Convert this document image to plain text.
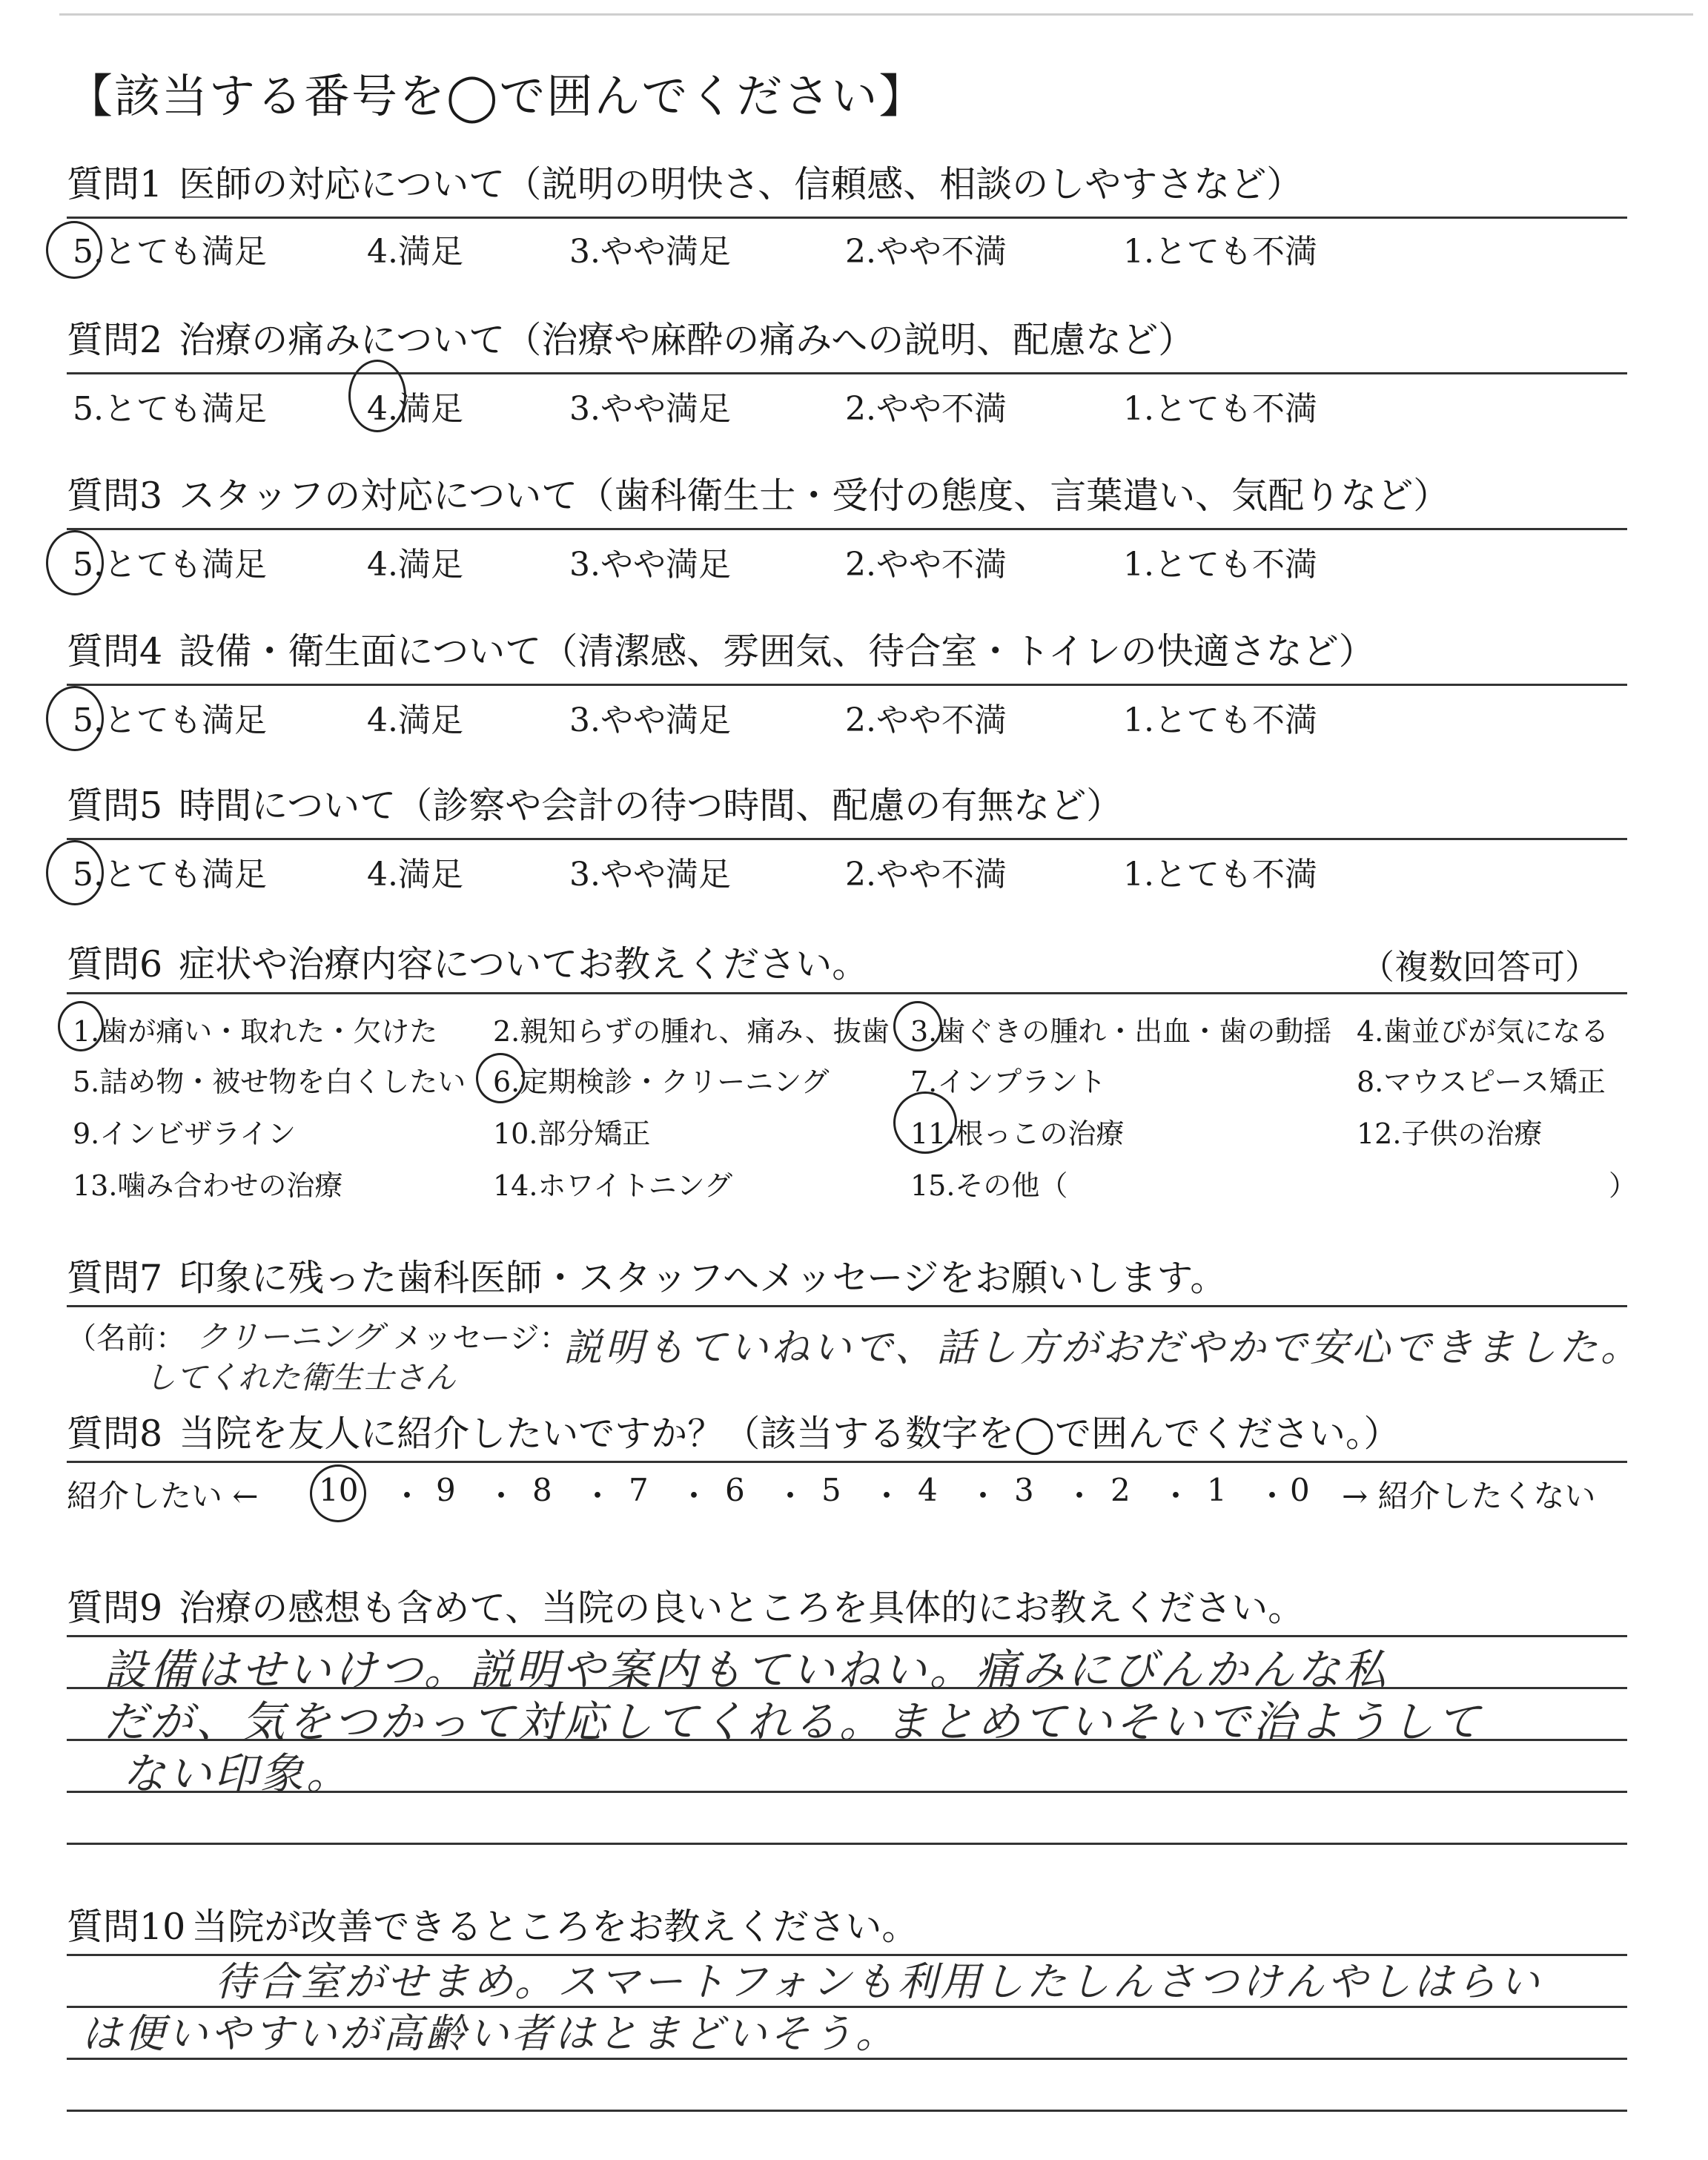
【該当する番号を◯で囲んでください】
質問1 医師の対応について（説明の明快さ、信頼感、相談のしやすさなど）
5.とても満足	4.満足	3.やや満足	2.やや不満	1.とても不満
質問2 治療の痛みについて（治療や麻酔の痛みへの説明、配慮など）
5.とても満足	4.満足	3.やや満足	2.やや不満	1.とても不満
質問3 スタッフの対応について（歯科衛生士・受付の態度、言葉遣い、気配りなど）
5.とても満足	4.満足	3.やや満足	2.やや不満	1.とても不満
質問4 設備・衛生面について（清潔感、雰囲気、待合室・トイレの快適さなど）
5.とても満足	4.満足	3.やや満足	2.やや不満	1.とても不満
質問5 時間について（診察や会計の待つ時間、配慮の有無など）
5.とても満足	4.満足	3.やや満足	2.やや不満	1.とても不満
質問6 症状や治療内容についてお教えください。	（複数回答可）
1.歯が痛い・取れた・欠けた 2.親知らずの腫れ、痛み、抜歯 3.歯ぐきの腫れ・出血・歯の動揺 4.歯並びが気になる
5.詰め物・被せ物を白くしたい 6.定期検診・クリーニング	7.インプラント	8.マウスピース矯正
9.インビザライン	10.部分矯正	11.根っこの治療	12.子供の治療
13.噛み合わせの治療	14.ホワイトニング	15.その他（	）
質問7 印象に残った歯科医師・スタッフへメッセージをお願いします。
（名前： クリーニング
してくれた衛生士さん
メッセージ：
説明もていねいで、話し方がおだやかで安心できました。
質問8 当院を友人に紹介したいですか？（該当する数字を◯で囲んでください。）
紹介したい ← 10 ・ 9 ・ 8 ・ 7 ・ 6 ・ 5 ・ 4 ・ 3 ・ 2 ・ 1 ・ 0 → 紹介したくない
質問9 治療の感想も含めて、当院の良いところを具体的にお教えください。
設備はせいけつ。説明や案内もていねい。痛みにびんかんな私
だが、気をつかって対応してくれる。まとめていそいで治ようして
ない印象。
質問10 当院が改善できるところをお教えください。
待合室がせまめ。スマートフォンも利用したしんさつけんやしはらい
は便いやすいが高齢い者はとまどいそう。
